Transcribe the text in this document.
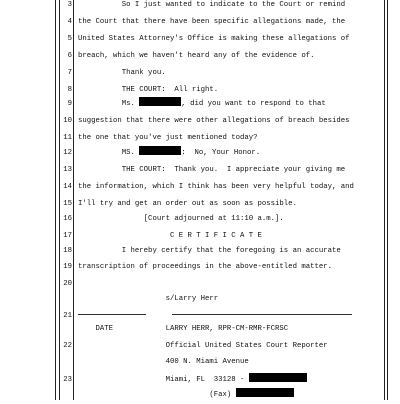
3 So I just wanted to indicate to the Court or remind
4 the Court that there have been specific allegations made, the
5 United States Attorney's Office is making these allegations of
6 breach, which we haven't heard any of the evidence of.
7 Thank you.
8 THE COURT:  All right.
9 Ms.	, did you want to respond to that
10 suggestion that there were other allegations of breach besides
11 the one that you've just mentioned today?
12 MS.	:  No, Your Honor.
13 THE COURT:  Thank you.  I appreciate your giving me
14 the information, which I think has been very helpful today, and
15 I'll try and get an order out as soon as possible.
16 [Court adjourned at 11:10 a.m.].
17 C E R T I F I C A T E
18 I hereby certify that the foregoing is an accurate
19 transcription of proceedings in the above-entitled matter.
20
s/Larry Herr
21
DATE            LARRY HERR, RPR-CM-RMR-FCRSC
22 Official United States Court Reporter
400 N. Miami Avenue
23 Miami, FL  33128 -
(Fax)
